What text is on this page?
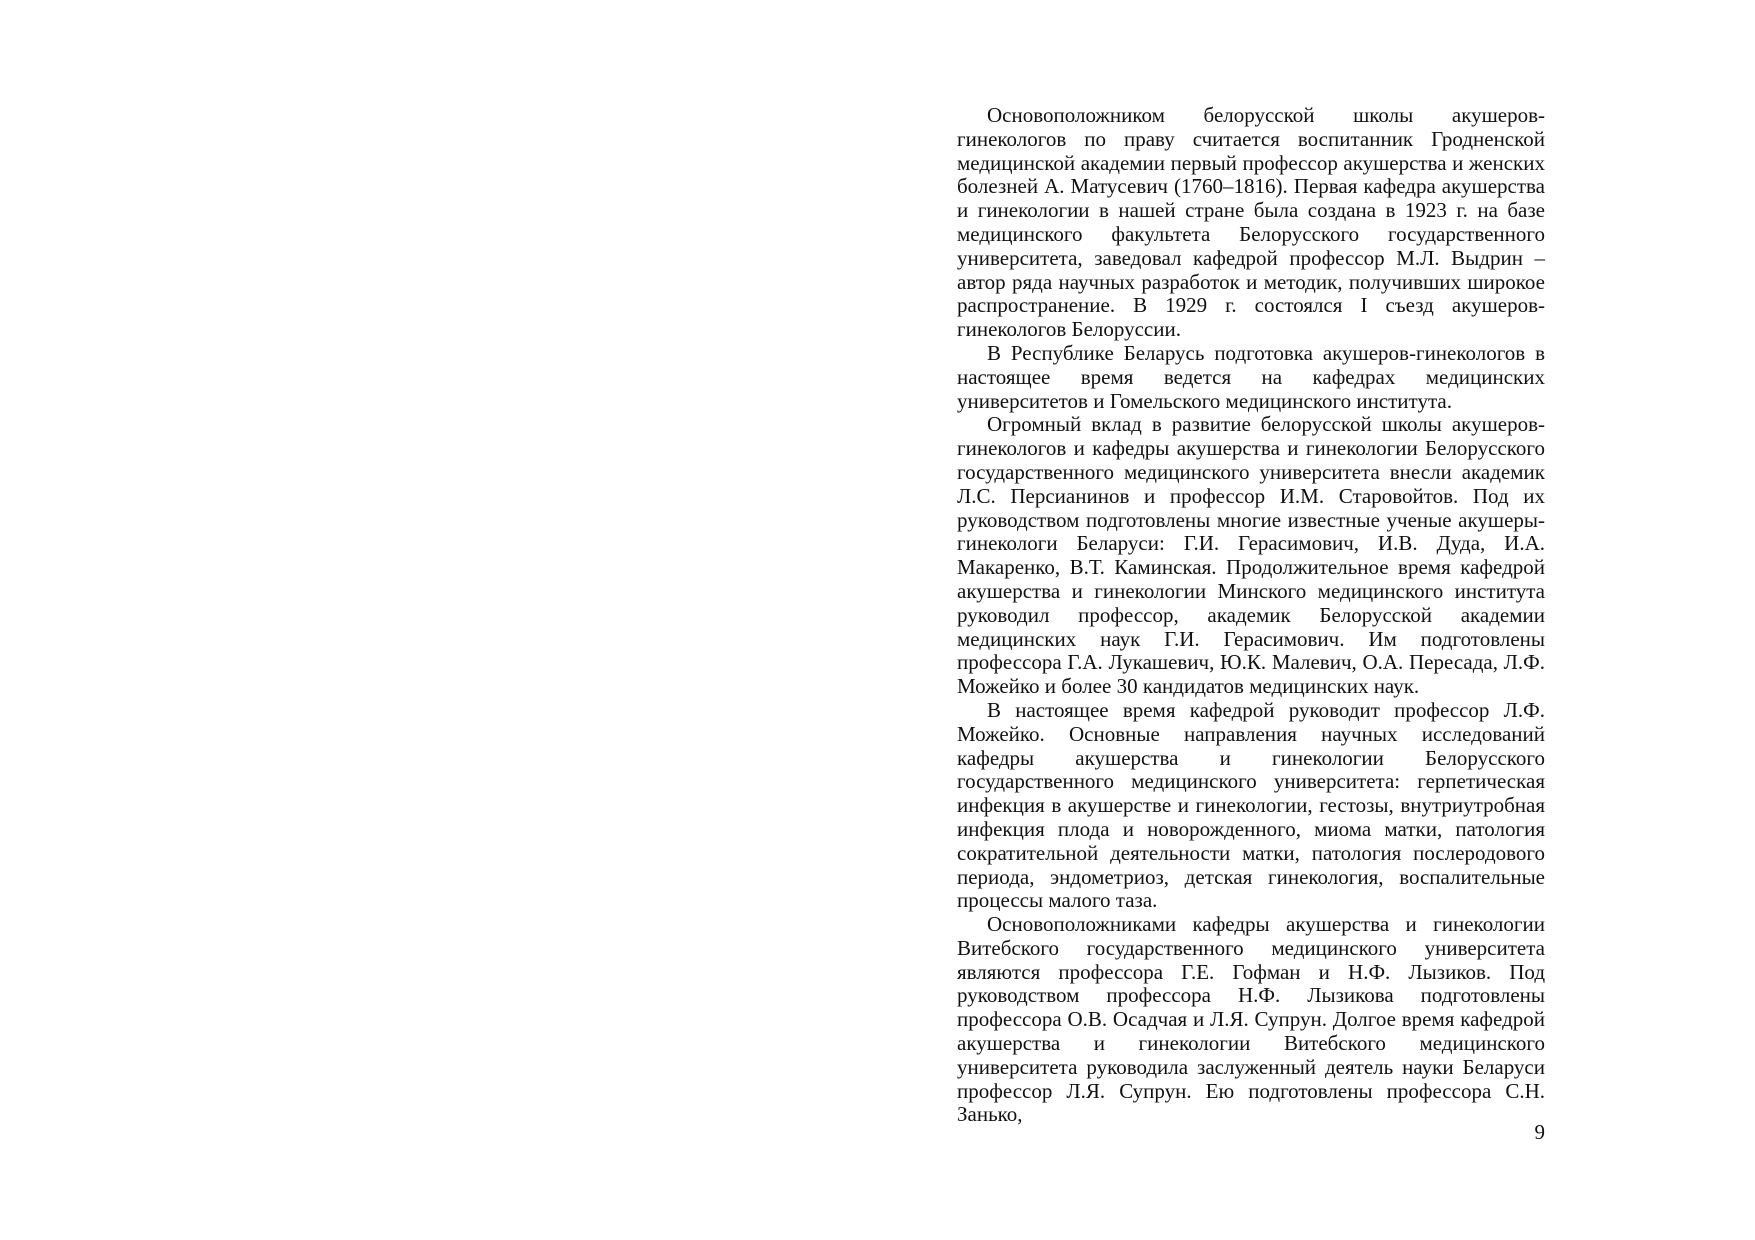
Основоположником белорусской школы акушеров-гинекологов по праву считается воспитанник Гродненской медицинской академии первый профессор акушерства и женских болезней А. Матусевич (1760–1816). Первая кафедра акушерства и гинекологии в нашей стране была создана в 1923 г. на базе медицинского факультета Белорусского государственного университета, заведовал кафедрой профессор М.Л. Выдрин – автор ряда научных разработок и методик, получивших широкое распространение. В 1929 г. состоялся I съезд акушеров-гинекологов Белоруссии.

В Республике Беларусь подготовка акушеров-гинекологов в настоящее время ведется на кафедрах медицинских университетов и Гомельского медицинского института.

Огромный вклад в развитие белорусской школы акушеров-гинекологов и кафедры акушерства и гинекологии Белорусского государственного медицинского университета внесли академик Л.С. Персианинов и профессор И.М. Старовойтов. Под их руководством подготовлены многие известные ученые акушеры-гинекологи Беларуси: Г.И. Герасимович, И.В. Дуда, И.А. Макаренко, В.Т. Каминская. Продолжительное время кафедрой акушерства и гинекологии Минского медицинского института руководил профессор, академик Белорусской академии медицинских наук Г.И. Герасимович. Им подготовлены профессора Г.А. Лукашевич, Ю.К. Малевич, О.А. Пересада, Л.Ф. Можейко и более 30 кандидатов медицинских наук.

В настоящее время кафедрой руководит профессор Л.Ф. Можейко. Основные направления научных исследований кафедры акушерства и гинекологии Белорусского государственного медицинского университета: герпетическая инфекция в акушерстве и гинекологии, гестозы, внутриутробная инфекция плода и новорожденного, миома матки, патология сократительной деятельности матки, патология послеродового периода, эндометриоз, детская гинекология, воспалительные процессы малого таза.

Основоположниками кафедры акушерства и гинекологии Витебского государственного медицинского университета являются профессора Г.Е. Гофман и Н.Ф. Лызиков. Под руководством профессора Н.Ф. Лызикова подготовлены профессора О.В. Осадчая и Л.Я. Супрун. Долгое время кафедрой акушерства и гинекологии Витебского медицинского университета руководила заслуженный деятель науки Беларуси профессор Л.Я. Супрун. Ею подготовлены профессора С.Н. Занько,

9
